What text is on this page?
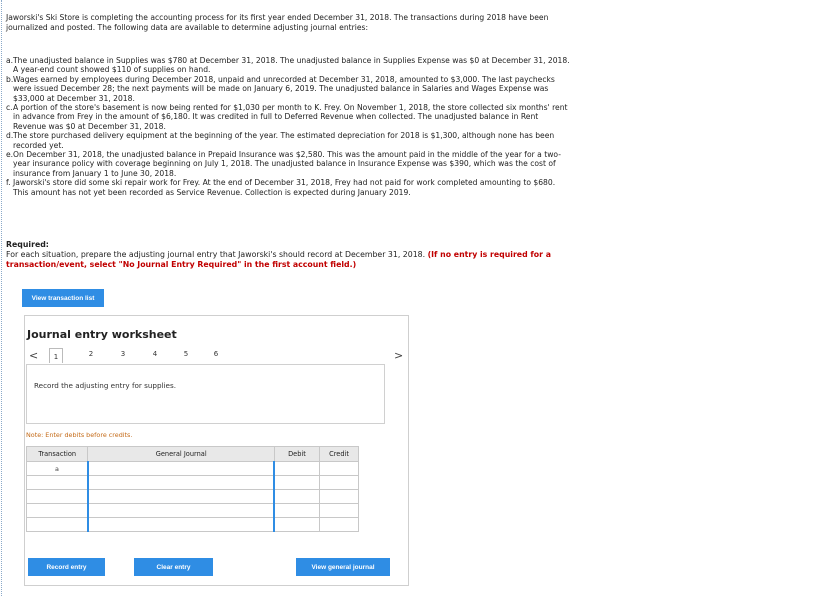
Jaworski's Ski Store is completing the accounting process for its first year ended December 31, 2018. The transactions during 2018 have been journalized and posted. The following data are available to determine adjusting journal entries:
a. The unadjusted balance in Supplies was $780 at December 31, 2018. The unadjusted balance in Supplies Expense was $0 at December 31, 2018. A year-end count showed $110 of supplies on hand.
b. Wages earned by employees during December 2018, unpaid and unrecorded at December 31, 2018, amounted to $3,000. The last paychecks were issued December 28; the next payments will be made on January 6, 2019. The unadjusted balance in Salaries and Wages Expense was $33,000 at December 31, 2018.
c. A portion of the store's basement is now being rented for $1,030 per month to K. Frey. On November 1, 2018, the store collected six months' rent in advance from Frey in the amount of $6,180. It was credited in full to Deferred Revenue when collected. The unadjusted balance in Rent Revenue was $0 at December 31, 2018.
d. The store purchased delivery equipment at the beginning of the year. The estimated depreciation for 2018 is $1,300, although none has been recorded yet.
e. On December 31, 2018, the unadjusted balance in Prepaid Insurance was $2,580. This was the amount paid in the middle of the year for a two-year insurance policy with coverage beginning on July 1, 2018. The unadjusted balance in Insurance Expense was $390, which was the cost of insurance from January 1 to June 30, 2018.
f. Jaworski's store did some ski repair work for Frey. At the end of December 31, 2018, Frey had not paid for work completed amounting to $680. This amount has not yet been recorded as Service Revenue. Collection is expected during January 2019.
Required:
For each situation, prepare the adjusting journal entry that Jaworski's should record at December 31, 2018. (If no entry is required for a transaction/event, select "No Journal Entry Required" in the first account field.)
View transaction list
Journal entry worksheet
<	1	2	3	4	5	6	>
Record the adjusting entry for supplies.
Note: Enter debits before credits.
Transaction	General Journal	Debit	Credit
a			

Record entry	Clear entry	View general journal
